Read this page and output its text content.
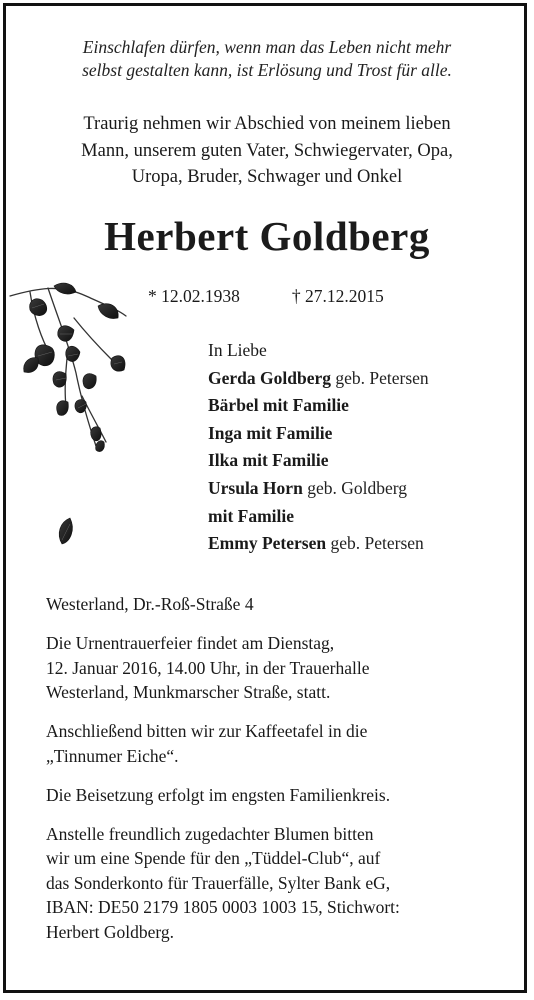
Einschlafen dürfen, wenn man das Leben nicht mehr
selbst gestalten kann, ist Erlösung und Trost für alle.
Traurig nehmen wir Abschied von meinem lieben
Mann, unserem guten Vater, Schwiegervater, Opa,
Uropa, Bruder, Schwager und Onkel
Herbert Goldberg
* 12.02.1938	† 27.12.2015
In Liebe
Gerda Goldberg geb. Petersen
Bärbel mit Familie
Inga mit Familie
Ilka mit Familie
Ursula Horn geb. Goldberg
mit Familie
Emmy Petersen geb. Petersen

Westerland, Dr.-Roß-Straße 4

Die Urnentrauerfeier findet am Dienstag,
12. Januar 2016, 14.00 Uhr, in der Trauerhalle
Westerland, Munkmarscher Straße, statt.

Anschließend bitten wir zur Kaffeetafel in die
„Tinnumer Eiche“.

Die Beisetzung erfolgt im engsten Familienkreis.

Anstelle freundlich zugedachter Blumen bitten
wir um eine Spende für den „Tüddel-Club“, auf
das Sonderkonto für Trauerfälle, Sylter Bank eG,
IBAN: DE50 2179 1805 0003 1003 15, Stichwort:
Herbert Goldberg.
